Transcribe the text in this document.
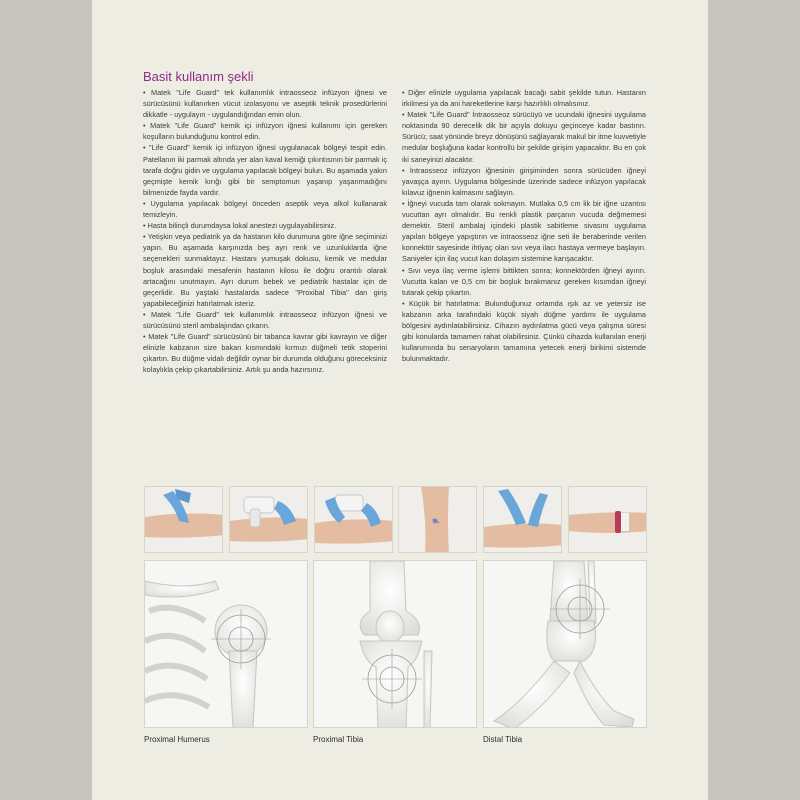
Basit kullanım şekli

• Matek "Life Guard" tek kullanımlık intraosseoz infüzyon iğnesi ve sürücüsünü kullanırken vücut izolasyonu ve aseptik teknik prosedürlerini dikkatle - uygulayın - uygulandığından emin olun.

• Matek "Life Guard" kemik içi infüzyon iğnesi kullanımı için gereken koşulların bulunduğunu kontrol edin.

• "Life Guard" kemik içi infüzyon iğnesi uygulanacak bölgeyi tespit edin. Patellanın iki parmak altında yer alan kaval kemiği çıkıntısının bir parmak iç tarafa doğru gidin ve uygulama yapılacak bölgeyi bulun. Bu aşamada yakın geçmişte kemik kırığı gibi bir semptomun yaşanıp yaşanmadığını bilmenizde fayda vardır.

• Uygulama yapılacak bölgeyi önceden aseptik veya alkol kullanarak temizleyin.

• Hasta bilinçli durumdaysa lokal anestezi uygulayabilirsiniz.

• Yetişkin veya pediatrik ya da hastanın kilo durumuna göre iğne seçiminizi yapın. Bu aşamada karşınızda beş ayrı renk ve uzunluklarda iğne seçenekleri sunmaktayız. Hastanı yumuşak dokusu, kemik ve medular boşluk arasındaki mesafenin hastanın kilosu ile doğru orantılı olarak artacağını unutmayın. Ayrı durum bebek ve pediatrik hastalar için de geçerlidir. Bu yaştaki hastalarda sadece "Proxibal Tibia" dan giriş yapabileceğinizi hatırlatmak isteriz.

• Matek "Life Guard" tek kullanımlık intraosseoz infüzyon iğnesi ve sürücüsünü steril ambalajından çıkarın.

• Matek "Life Guard" sürücüsünü bir tabanca kavrar gibi kavrayın ve diğer elinizle kabzanın size bakan kısmındaki kırmızı düğmeli tetik stoperini çıkartın. Bu düğme vidalı değildir oynar bir durumda olduğunu göreceksiniz kolaylıkla çekip çıkartabilirsiniz. Artık şu anda hazırsınız.

• Diğer elinizle uygulama yapılacak bacağı sabit şekilde tutun. Hastanın irkilmesi ya da ani hareketlerine karşı hazırlıklı olmalısınız.

• Matek "Life Guard" İntraosseoz sürücüyü ve ucundaki iğnesini uygulama noktasında 90 derecelik dik bir açıyla dokuyu geçinceye kadar bastırın. Sürücü; saat yönünde breyz dönüşünü sağlayarak makul bir itme kuvvetiyle medular boşluğuna kadar kontrollü bir şekilde girişim yapacaktır. Bu en çok iki saneyinizi alacaktır.

• İntraosseoz infüzyon iğnesinin girişiminden sonra sürücüden iğneyi yavaşça ayırın. Uygulama bölgesinde üzerinde sadece infüzyon yapılacak kılavuz iğnenin kalmasını sağlayın.

• İğneyi vucuda tam olarak sokmayın. Mutlaka 0,5 cm lik bir iğne uzantısı vucuttan ayrı olmalıdır. Bu renkli plastik parçanın vucuda değmemesi demektir. Steril ambalaj içindeki plastik sabitleme sivasını uygulama yapılan bölgeye yapıştırın ve intraosseoz iğne seti ile beraberinde verilen konnektör sayesinde ihtiyaç olan sıvı veya ilacı hastaya vermeye başlayın. Saniyeler için ilaç vucut kan dolaşım sistemine karışacaktır.

• Sıvı veya ilaç verme işlemi bittikten sonra; konnektörden iğneyi ayırın. Vucutta kalan ve 0,5 cm bir boşluk bırakmanız gereken kısımdan iğneyi tutarak çekip çıkartın.

• Küçük bir hatırlatma: Bulunduğunuz ortamda ışık az ve yetersiz ise kabzanın arka tarafındaki küçük siyah düğme yardımı ile uygulama bölgesini aydınlatabilirsiniz. Cihazın aydınlatma gücü veya çalışma süresi gibi konularda tamamen rahat olabilirsiniz. Çünkü cihazda kullanılan enerji kullanımında bu senaryoların tamamına yetecek enerji birikimi sistemde bulunmaktadır.

Proximal Humerus	Proximal Tibia	Distal Tibia
